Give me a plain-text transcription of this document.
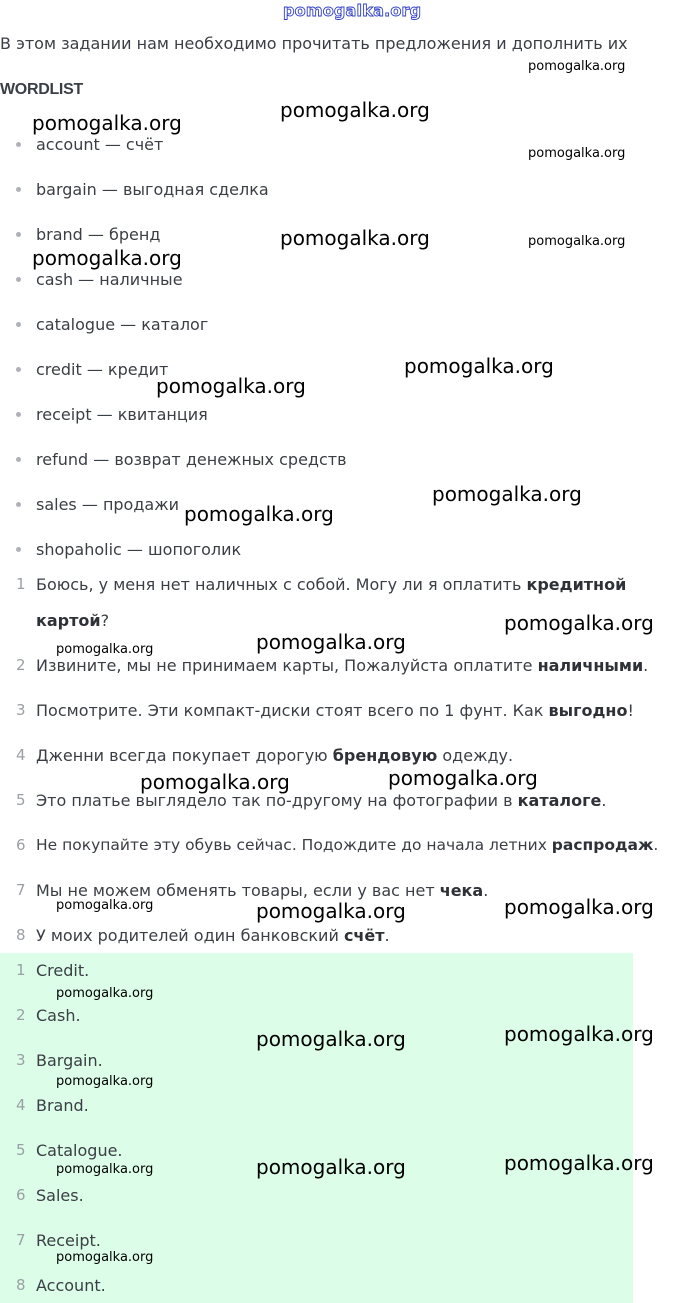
pomogalka.org
В этом задании нам необходимо прочитать предложения и дополнить их
WORDLIST
account — счёт
bargain — выгодная сделка
brand — бренд
cash — наличные
catalogue — каталог
credit — кредит
receipt — квитанция
refund — возврат денежных средств
sales — продажи
shopaholic — шопоголик
1 Боюсь, у меня нет наличных с собой. Могу ли я оплатить кредитной
картой?
2 Извините, мы не принимаем карты, Пожалуйста оплатите наличными.
3 Посмотрите. Эти компакт-диски стоят всего по 1 фунт. Как выгодно!
4 Дженни всегда покупает дорогую брендовую одежду.
5 Это платье выглядело так по-другому на фотографии в каталоге.
6 Не покупайте эту обувь сейчас. Подождите до начала летних распродаж.
7 Мы не можем обменять товары, если у вас нет чека.
8 У моих родителей один банковский счёт.
1 Credit.
2 Cash.
3 Bargain.
4 Brand.
5 Catalogue.
6 Sales.
7 Receipt.
8 Account.
pomogalka.org
pomogalka.org
pomogalka.org
pomogalka.org
pomogalka.org	pomogalka.org
pomogalka.org
pomogalka.org
pomogalka.org
pomogalka.org
pomogalka.org
pomogalka.org
pomogalka.org
pomogalka.org
pomogalka.org
pomogalka.org
pomogalka.org	pomogalka.org
pomogalka.org
pomogalka.org
pomogalka.org
pomogalka.org
pomogalka.org
pomogalka.org
pomogalka.org
pomogalka.org
pomogalka.org
